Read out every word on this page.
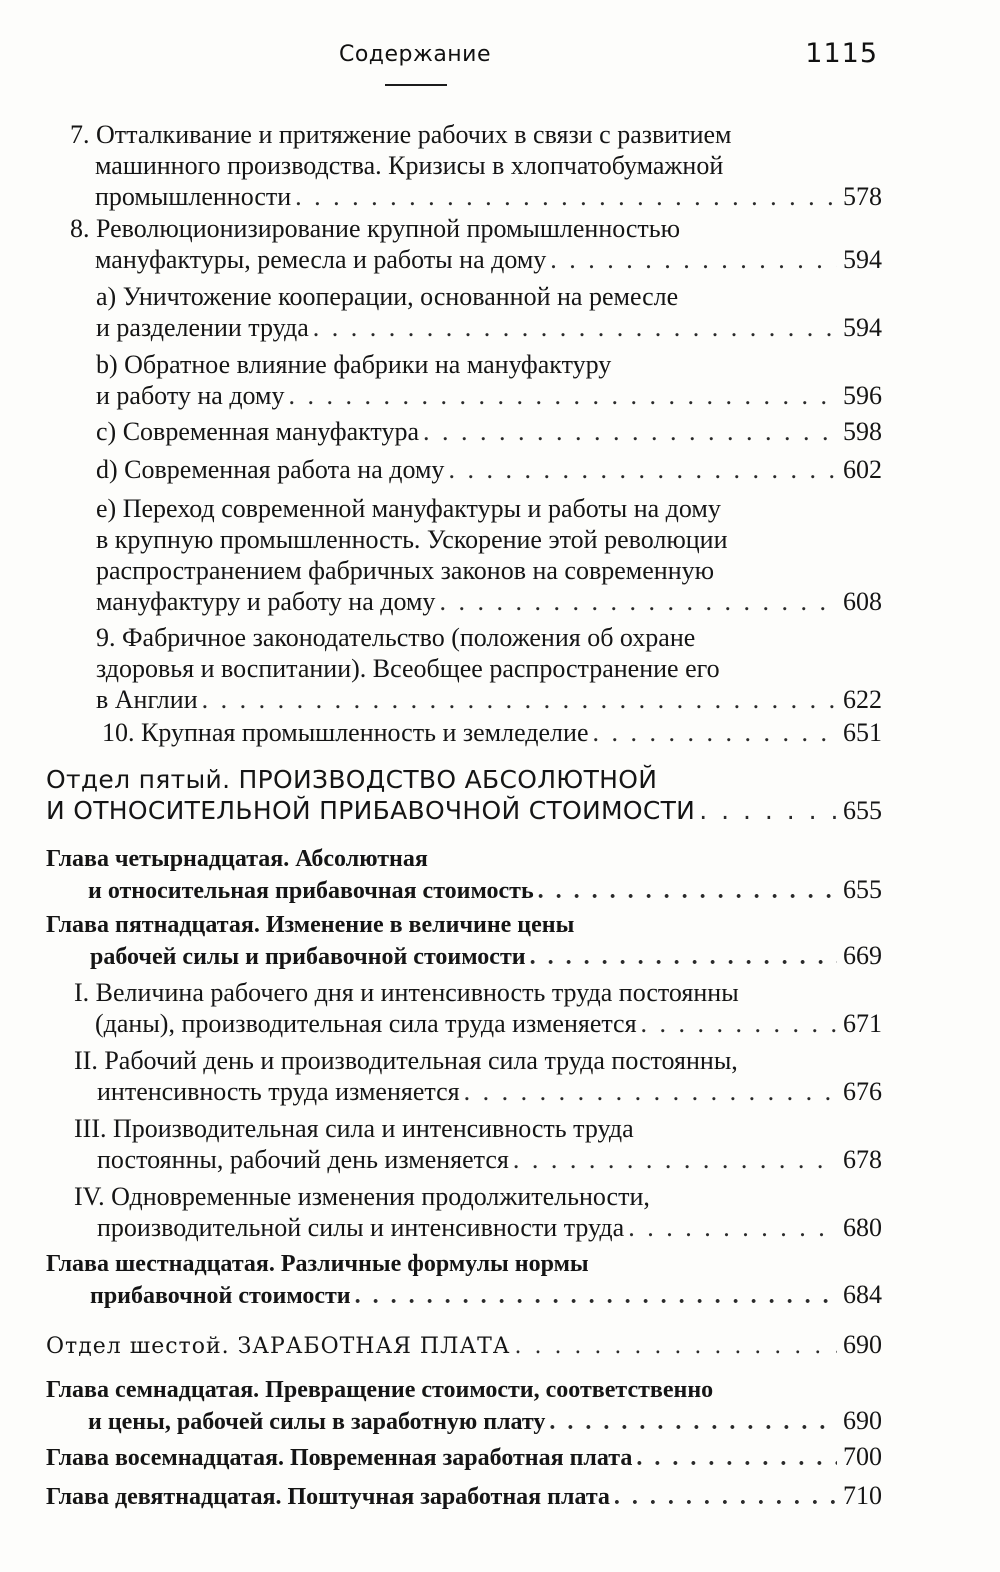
Содержание	1115
7. Отталкивание и притяжение рабочих в связи с развитием
машинного производства. Кризисы в хлопчатобумажной
промышленности . . .	578
8. Революционизирование крупной промышленностью
мануфактуры, ремесла и работы на дому . . .	594
a) Уничтожение кооперации, основанной на ремесле
и разделении труда . . .	594
b) Обратное влияние фабрики на мануфактуру
и работу на дому . . .	596
c) Современная мануфактура . . .	598
d) Современная работа на дому . . .	602
e) Переход современной мануфактуры и работы на дому
в крупную промышленность. Ускорение этой революции
распространением фабричных законов на современную
мануфактуру и работу на дому . . .	608
9. Фабричное законодательство (положения об охране
здоровья и воспитании). Всеобщее распространение его
в Англии . . .	622
10. Крупная промышленность и земледелие . . .	651
Отдел пятый. ПРОИЗВОДСТВО АБСОЛЮТНОЙ
И ОТНОСИТЕЛЬНОЙ ПРИБАВОЧНОЙ СТОИМОСТИ . . .	655
Глава четырнадцатая. Абсолютная
и относительная прибавочная стоимость . . .	655
Глава пятнадцатая. Изменение в величине цены
рабочей силы и прибавочной стоимости . . .	669
I. Величина рабочего дня и интенсивность труда постоянны
(даны), производительная сила труда изменяется . . .	671
II. Рабочий день и производительная сила труда постоянны,
интенсивность труда изменяется . . .	676
III. Производительная сила и интенсивность труда
постоянны, рабочий день изменяется . . .	678
IV. Одновременные изменения продолжительности,
производительной силы и интенсивности труда . . .	680
Глава шестнадцатая. Различные формулы нормы
прибавочной стоимости . . .	684
Отдел шестой. ЗАРАБОТНАЯ ПЛАТА . . .	690
Глава семнадцатая. Превращение стоимости, соответственно
и цены, рабочей силы в заработную плату . . .	690
Глава восемнадцатая. Повременная заработная плата . . .	700
Глава девятнадцатая. Поштучная заработная плата . . .	710
